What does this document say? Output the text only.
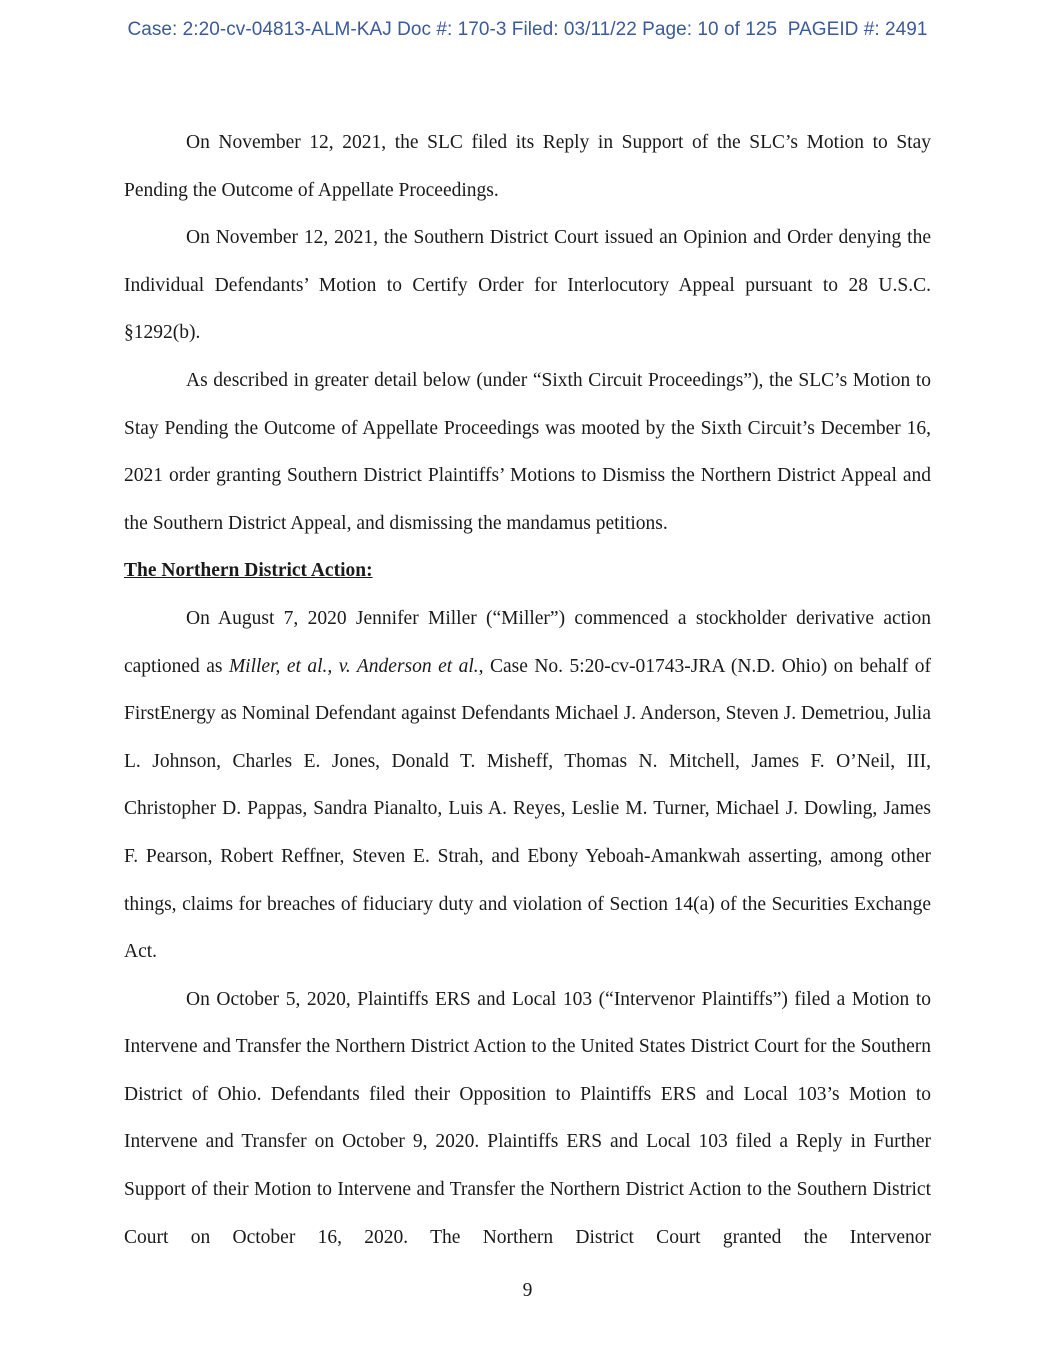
Case: 2:20-cv-04813-ALM-KAJ Doc #: 170-3 Filed: 03/11/22 Page: 10 of 125  PAGEID #: 2491

On November 12, 2021, the SLC filed its Reply in Support of the SLC’s Motion to Stay Pending the Outcome of Appellate Proceedings.

On November 12, 2021, the Southern District Court issued an Opinion and Order denying the Individual Defendants’ Motion to Certify Order for Interlocutory Appeal pursuant to 28 U.S.C. §1292(b).

As described in greater detail below (under “Sixth Circuit Proceedings”), the SLC’s Motion to Stay Pending the Outcome of Appellate Proceedings was mooted by the Sixth Circuit’s December 16, 2021 order granting Southern District Plaintiffs’ Motions to Dismiss the Northern District Appeal and the Southern District Appeal, and dismissing the mandamus petitions.

The Northern District Action:

On August 7, 2020 Jennifer Miller (“Miller”) commenced a stockholder derivative action captioned as Miller, et al., v. Anderson et al., Case No. 5:20-cv-01743-JRA (N.D. Ohio) on behalf of FirstEnergy as Nominal Defendant against Defendants Michael J. Anderson, Steven J. Demetriou, Julia L. Johnson, Charles E. Jones, Donald T. Misheff, Thomas N. Mitchell, James F. O’Neil, III, Christopher D. Pappas, Sandra Pianalto, Luis A. Reyes, Leslie M. Turner, Michael J. Dowling, James F. Pearson, Robert Reffner, Steven E. Strah, and Ebony Yeboah-Amankwah asserting, among other things, claims for breaches of fiduciary duty and violation of Section 14(a) of the Securities Exchange Act.

On October 5, 2020, Plaintiffs ERS and Local 103 (“Intervenor Plaintiffs”) filed a Motion to Intervene and Transfer the Northern District Action to the United States District Court for the Southern District of Ohio. Defendants filed their Opposition to Plaintiffs ERS and Local 103’s Motion to Intervene and Transfer on October 9, 2020. Plaintiffs ERS and Local 103 filed a Reply in Further Support of their Motion to Intervene and Transfer the Northern District Action to the Southern District Court on October 16, 2020. The Northern District Court granted the Intervenor

9
